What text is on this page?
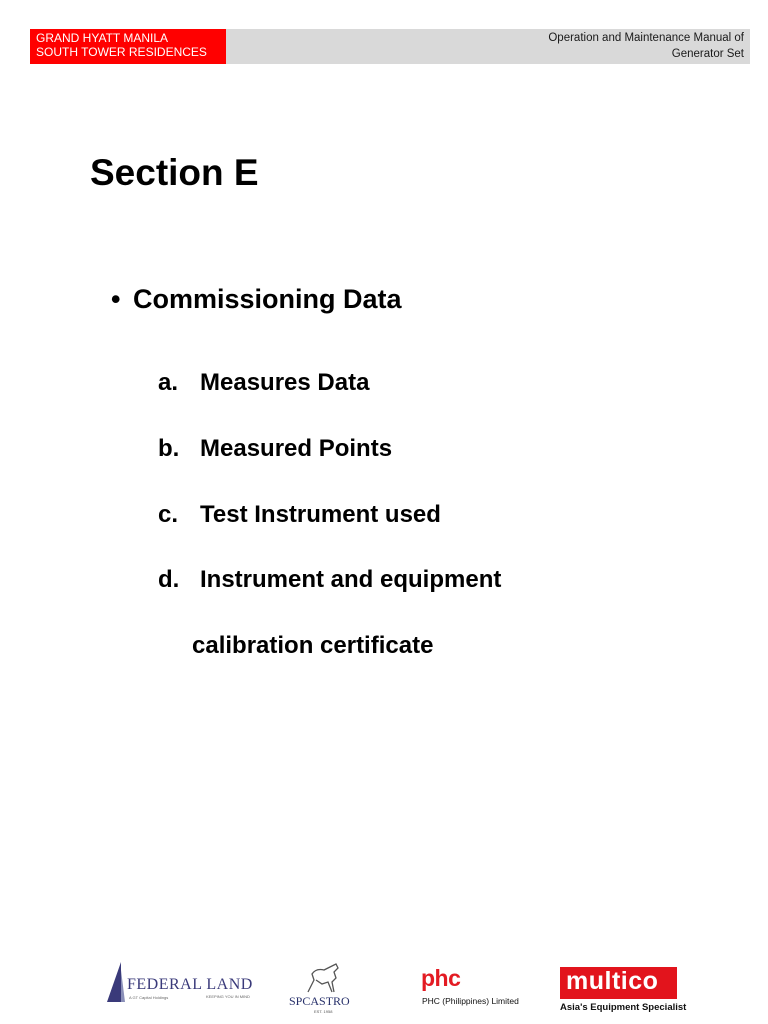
GRAND HYATT MANILA
SOUTH TOWER RESIDENCES
Operation and Maintenance Manual of
Generator Set
Section E
• Commissioning Data
a. Measures Data
b. Measured Points
c. Test Instrument used
d. Instrument and equipment
calibration certificate
FEDERAL LAND
A GT Capital Holdings	KEEPING YOU IN MIND	SPCASTRO
EST. 1958
phc
PHC (Philippines) Limited
multico
Asia's Equipment Specialist
